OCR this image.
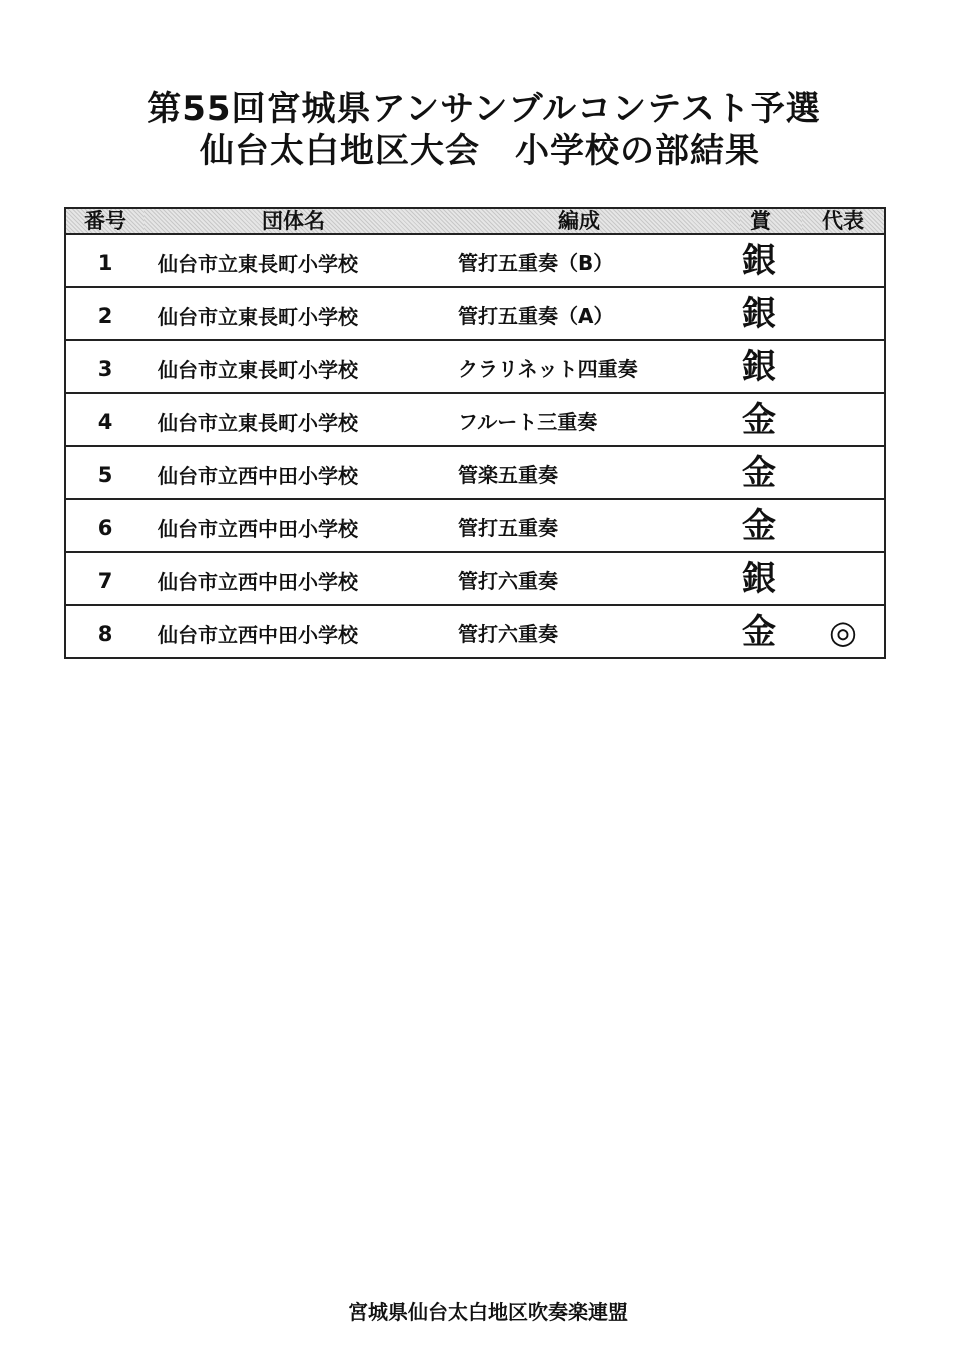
第55回宮城県アンサンブルコンテスト予選
仙台太白地区大会　小学校の部結果
番号	団体名	編成	賞	代表
1	仙台市立東長町小学校	管打五重奏（B）	銀	
2	仙台市立東長町小学校	管打五重奏（A）	銀	
3	仙台市立東長町小学校	クラリネット四重奏	銀	
4	仙台市立東長町小学校	フルート三重奏	金	
5	仙台市立西中田小学校	管楽五重奏	金	
6	仙台市立西中田小学校	管打五重奏	金	
7	仙台市立西中田小学校	管打六重奏	銀	
8	仙台市立西中田小学校	管打六重奏	金	◎
宮城県仙台太白地区吹奏楽連盟
